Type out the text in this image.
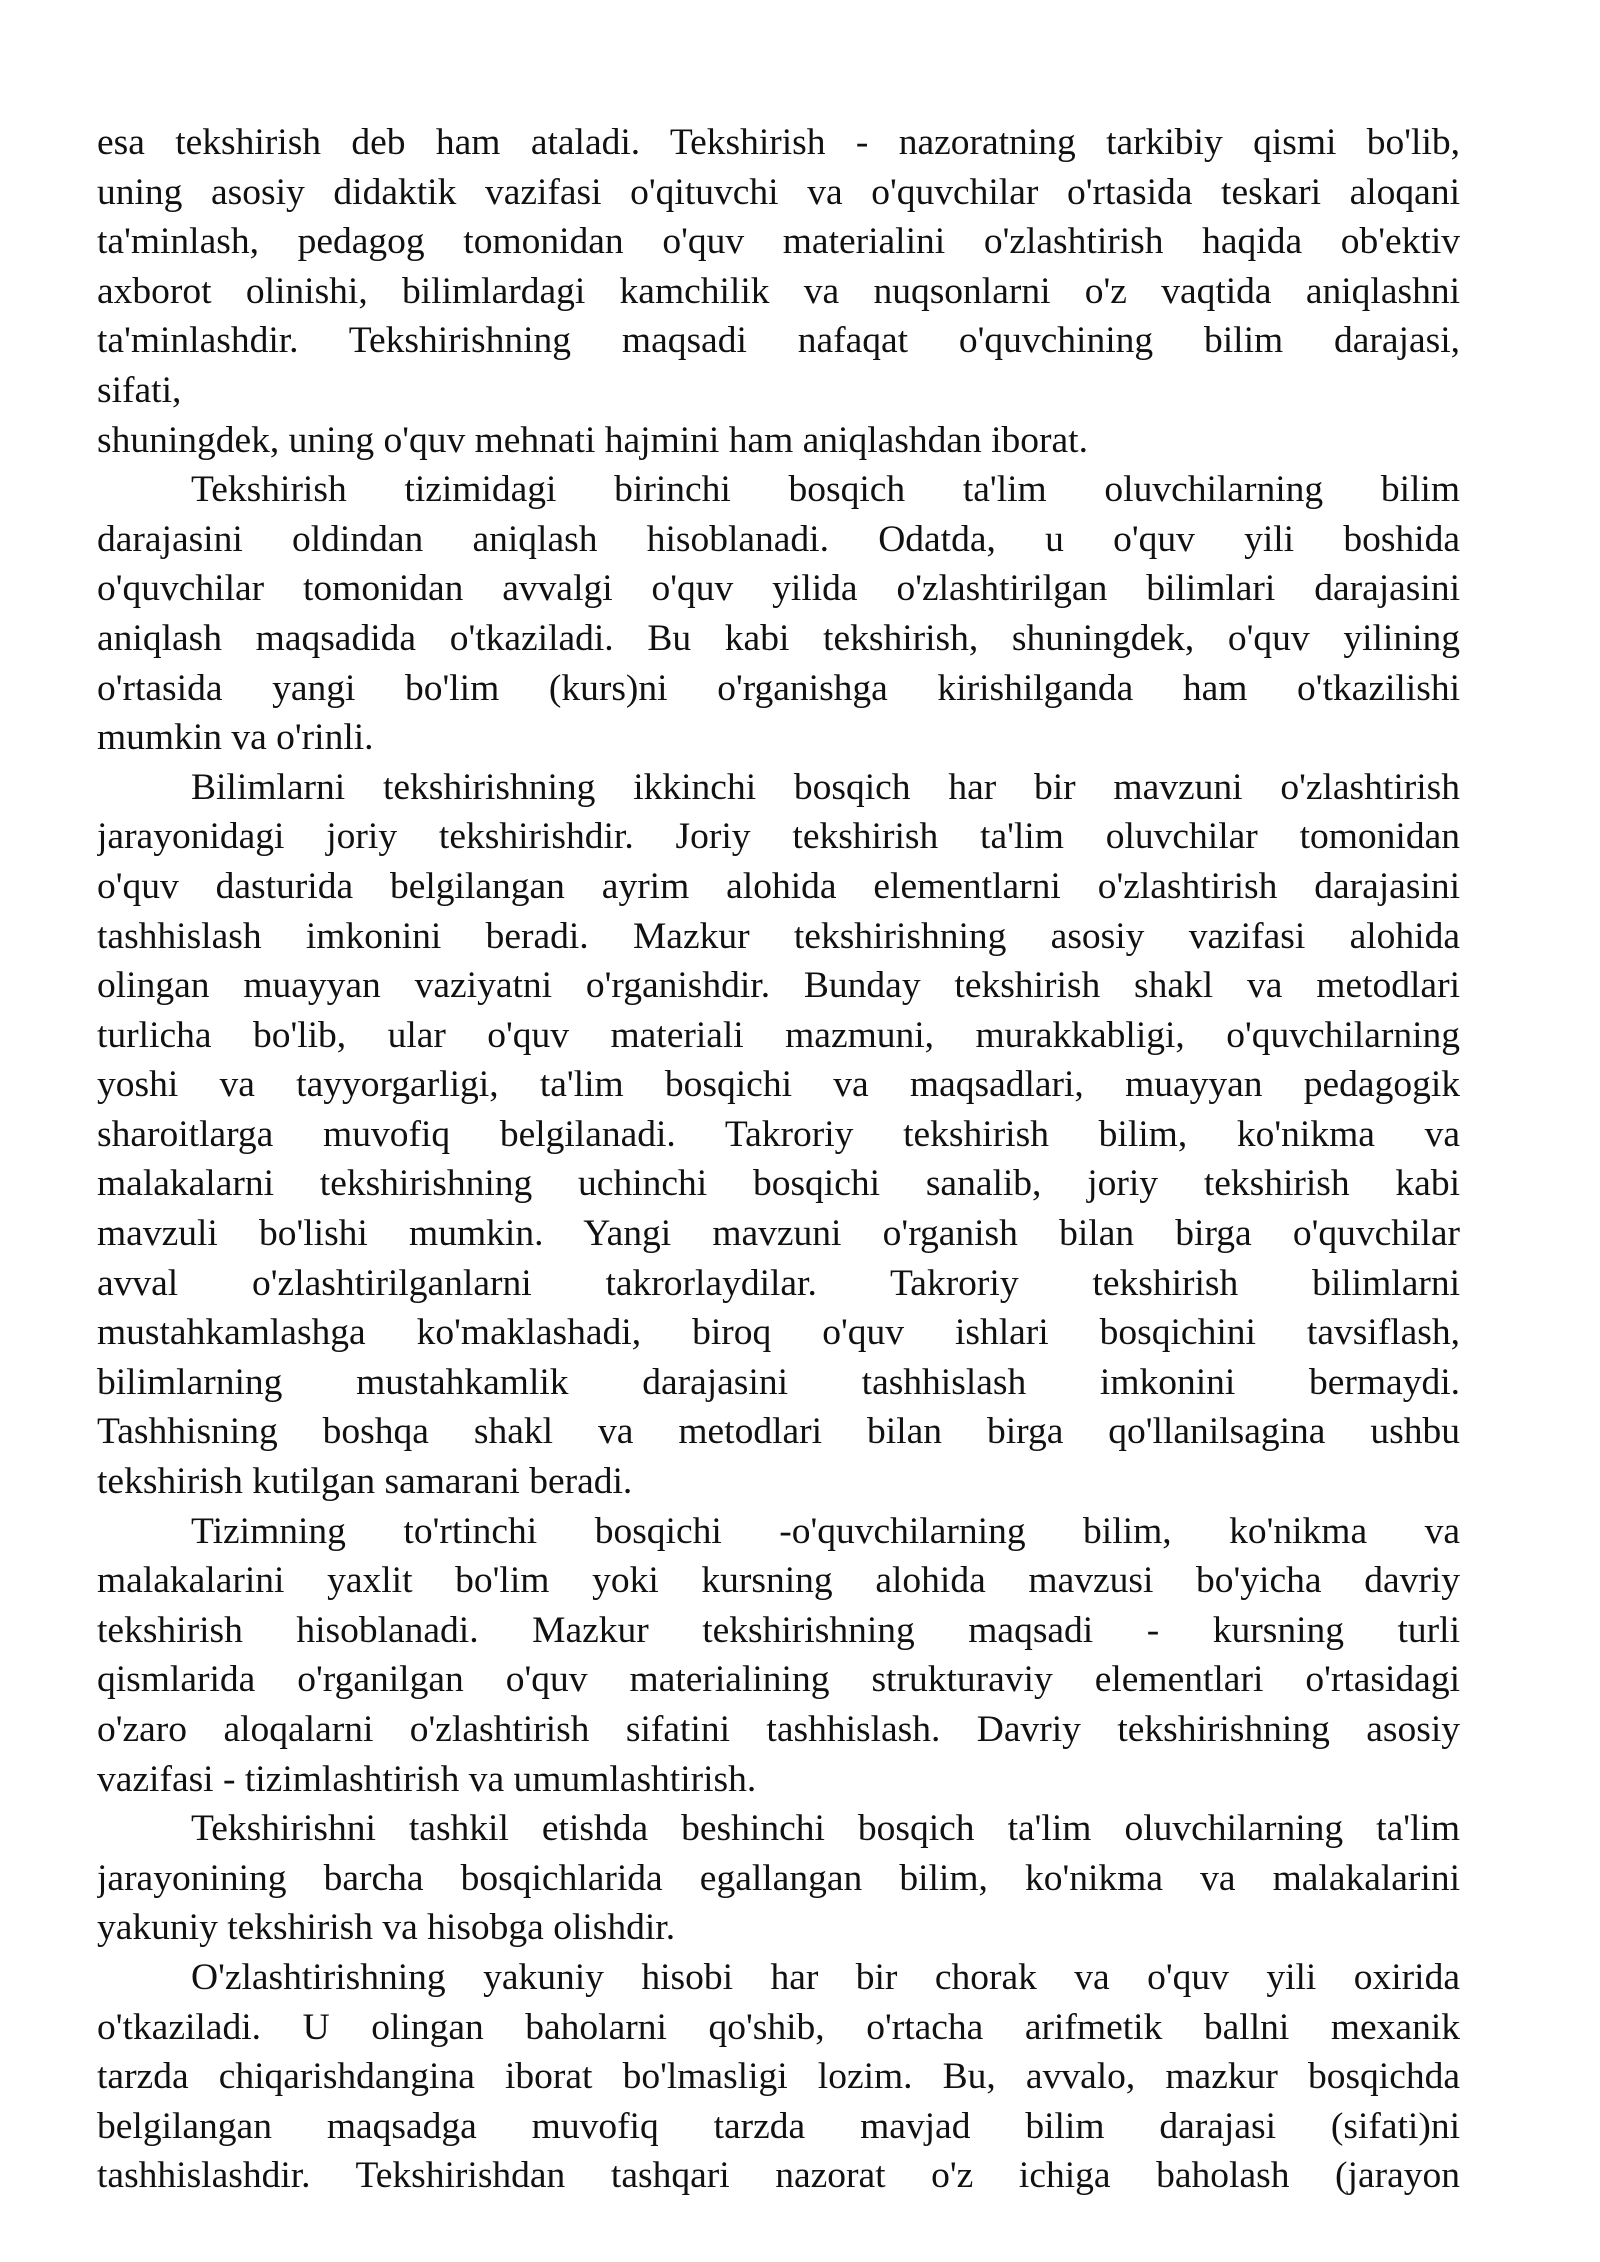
esa tekshirish deb ham ataladi. Tekshirish - nazoratning tarkibiy qismi bo'lib,
uning asosiy didaktik vazifasi o'qituvchi va o'quvchilar o'rtasida teskari aloqani
ta'minlash, pedagog tomonidan o'quv materialini o'zlashtirish haqida ob'ektiv
axborot olinishi, bilimlardagi kamchilik va nuqsonlarni o'z vaqtida aniqlashni
ta'minlashdir. Tekshirishning maqsadi nafaqat o'quvchining bilim darajasi,
sifati,
shuningdek, uning o'quv mehnati hajmini ham aniqlashdan iborat.
Tekshirish tizimidagi birinchi bosqich ta'lim oluvchilarning bilim
darajasini oldindan aniqlash hisoblanadi. Odatda, u o'quv yili boshida
o'quvchilar tomonidan avvalgi o'quv yilida o'zlashtirilgan bilimlari darajasini
aniqlash maqsadida o'tkaziladi. Bu kabi tekshirish, shuningdek, o'quv yilining
o'rtasida yangi bo'lim (kurs)ni o'rganishga kirishilganda ham o'tkazilishi
mumkin va o'rinli.
Bilimlarni tekshirishning ikkinchi bosqich har bir mavzuni o'zlashtirish
jarayonidagi joriy tekshirishdir. Joriy tekshirish ta'lim oluvchilar tomonidan
o'quv dasturida belgilangan ayrim alohida elementlarni o'zlashtirish darajasini
tashhislash imkonini beradi. Mazkur tekshirishning asosiy vazifasi alohida
olingan muayyan vaziyatni o'rganishdir. Bunday tekshirish shakl va metodlari
turlicha bo'lib, ular o'quv materiali mazmuni, murakkabligi, o'quvchilarning
yoshi va tayyorgarligi, ta'lim bosqichi va maqsadlari, muayyan pedagogik
sharoitlarga muvofiq belgilanadi. Takroriy tekshirish bilim, ko'nikma va
malakalarni tekshirishning uchinchi bosqichi sanalib, joriy tekshirish kabi
mavzuli bo'lishi mumkin. Yangi mavzuni o'rganish bilan birga o'quvchilar
avval o'zlashtirilganlarni takrorlaydilar. Takroriy tekshirish bilimlarni
mustahkamlashga ko'maklashadi, biroq o'quv ishlari bosqichini tavsiflash,
bilimlarning mustahkamlik darajasini tashhislash imkonini bermaydi.
Tashhisning boshqa shakl va metodlari bilan birga qo'llanilsagina ushbu
tekshirish kutilgan samarani beradi.
Tizimning to'rtinchi bosqichi -o'quvchilarning bilim, ko'nikma va
malakalarini yaxlit bo'lim yoki kursning alohida mavzusi bo'yicha davriy
tekshirish hisoblanadi. Mazkur tekshirishning maqsadi - kursning turli
qismlarida o'rganilgan o'quv materialining strukturaviy elementlari o'rtasidagi
o'zaro aloqalarni o'zlashtirish sifatini tashhislash. Davriy tekshirishning asosiy
vazifasi - tizimlashtirish va umumlashtirish.
Tekshirishni tashkil etishda beshinchi bosqich ta'lim oluvchilarning ta'lim
jarayonining barcha bosqichlarida egallangan bilim, ko'nikma va malakalarini
yakuniy tekshirish va hisobga olishdir.
O'zlashtirishning yakuniy hisobi har bir chorak va o'quv yili oxirida
o'tkaziladi. U olingan baholarni qo'shib, o'rtacha arifmetik ballni mexanik
tarzda chiqarishdangina iborat bo'lmasligi lozim. Bu, avvalo, mazkur bosqichda
belgilangan maqsadga muvofiq tarzda mavjad bilim darajasi (sifati)ni
tashhislashdir. Tekshirishdan tashqari nazorat o'z ichiga baholash (jarayon
